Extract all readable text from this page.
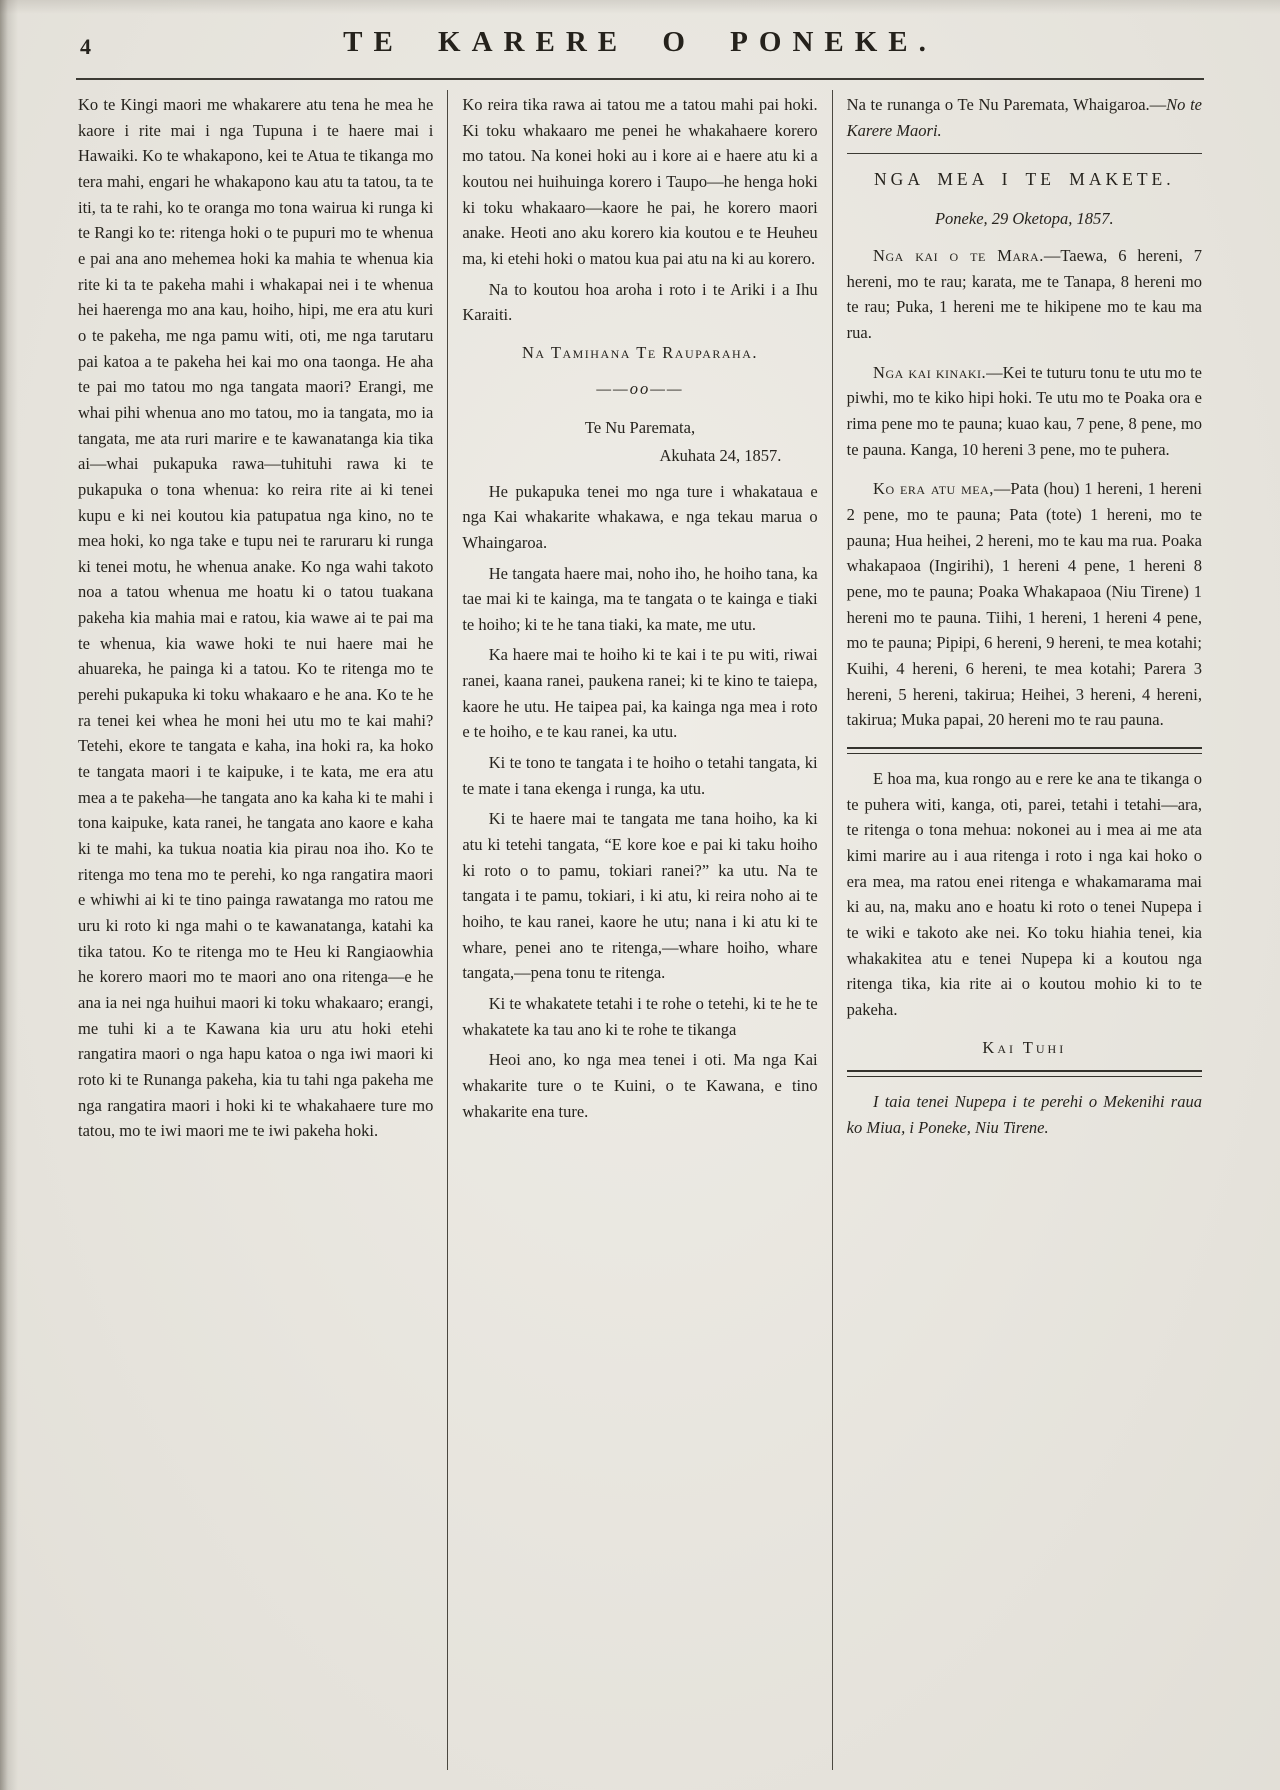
4	TE KARERE O PONEKE.

Ko te Kingi maori me whakarere atu tena he mea he kaore i rite mai i nga Tupuna i te haere mai i Hawaiki. Ko te whakapono, kei te Atua te tikanga mo tera mahi, engari he whakapono kau atu ta tatou, ta te iti, ta te rahi, ko te oranga mo tona wairua ki runga ki te Rangi ko te: ritenga hoki o te pupuri mo te whenua e pai ana ano mehemea hoki ka mahia te whenua kia rite ki ta te pakeha mahi i whakapai nei i te whenua hei haerenga mo ana kau, hoiho, hipi, me era atu kuri o te pakeha, me nga pamu witi, oti, me nga tarutaru pai katoa a te pakeha hei kai mo ona taonga. He aha te pai mo tatou mo nga tangata maori? Erangi, me whai pihi whenua ano mo tatou, mo ia tangata, mo ia tangata, me ata ruri marire e te kawanatanga kia tika ai—whai pukapuka rawa—tuhituhi rawa ki te pukapuka o tona whenua: ko reira rite ai ki tenei kupu e ki nei koutou kia patupatua nga kino, no te mea hoki, ko nga take e tupu nei te raruraru ki runga ki tenei motu, he whenua anake. Ko nga wahi takoto noa a tatou whenua me hoatu ki o tatou tuakana pakeha kia mahia mai e ratou, kia wawe ai te pai ma te whenua, kia wawe hoki te nui haere mai he ahuareka, he painga ki a tatou. Ko te ritenga mo te perehi pukapuka ki toku whakaaro e he ana. Ko te he ra tenei kei whea he moni hei utu mo te kai mahi? Tetehi, ekore te tangata e kaha, ina hoki ra, ka hoko te tangata maori i te kaipuke, i te kata, me era atu mea a te pakeha—he tangata ano ka kaha ki te mahi i tona kaipuke, kata ranei, he tangata ano kaore e kaha ki te mahi, ka tukua noatia kia pirau noa iho. Ko te ritenga mo tena mo te perehi, ko nga rangatira maori e whiwhi ai ki te tino painga rawatanga mo ratou me uru ki roto ki nga mahi o te kawanatanga, katahi ka tika tatou. Ko te ritenga mo te Heu ki Rangiaowhia he korero maori mo te maori ano ona ritenga—e he ana ia nei nga huihui maori ki toku whakaaro; erangi, me tuhi ki a te Kawana kia uru atu hoki etehi rangatira maori o nga hapu katoa o nga iwi maori ki roto ki te Runanga pakeha, kia tu tahi nga pakeha me nga rangatira maori i hoki ki te whakahaere ture mo tatou, mo te iwi maori me te iwi pakeha hoki.

Ko reira tika rawa ai tatou me a tatou mahi pai hoki. Ki toku whakaaro me penei he whakahaere korero mo tatou. Na konei hoki au i kore ai e haere atu ki a koutou nei huihuinga korero i Taupo—he henga hoki ki toku whakaaro—kaore he pai, he korero maori anake. Heoti ano aku korero kia koutou e te Heuheu ma, ki etehi hoki o matou kua pai atu na ki au korero.

Na to koutou hoa aroha i roto i te Ariki i a Ihu Karaiti.

Na Tamihana Te Rauparaha.

——oo——

Te Nu Paremata,

Akuhata 24, 1857.

He pukapuka tenei mo nga ture i whakataua e nga Kai whakarite whakawa, e nga tekau marua o Whaingaroa.

He tangata haere mai, noho iho, he hoiho tana, ka tae mai ki te kainga, ma te tangata o te kainga e tiaki te hoiho; ki te he tana tiaki, ka mate, me utu.

Ka haere mai te hoiho ki te kai i te pu witi, riwai ranei, kaana ranei, paukena ranei; ki te kino te taiepa, kaore he utu. He taipea pai, ka kainga nga mea i roto e te hoiho, e te kau ranei, ka utu.

Ki te tono te tangata i te hoiho o tetahi tangata, ki te mate i tana ekenga i runga, ka utu.

Ki te haere mai te tangata me tana hoiho, ka ki atu ki tetehi tangata, “E kore koe e pai ki taku hoiho ki roto o to pamu, tokiari ranei?” ka utu. Na te tangata i te pamu, tokiari, i ki atu, ki reira noho ai te hoiho, te kau ranei, kaore he utu; nana i ki atu ki te whare, penei ano te ritenga,—whare hoiho, whare tangata,—pena tonu te ritenga.

Ki te whakatete tetahi i te rohe o tetehi, ki te he te whakatete ka tau ano ki te rohe te tikanga

Heoi ano, ko nga mea tenei i oti. Ma nga Kai whakarite ture o te Kuini, o te Kawana, e tino whakarite ena ture.

Na te runanga o Te Nu Paremata, Whaigaroa.—No te Karere Maori.

NGA MEA I TE MAKETE.

Poneke, 29 Oketopa, 1857.

Nga kai o te Mara.—Taewa, 6 hereni, 7 hereni, mo te rau; karata, me te Tanapa, 8 hereni mo te rau; Puka, 1 hereni me te hikipene mo te kau ma rua.

Nga kai kinaki.—Kei te tuturu tonu te utu mo te piwhi, mo te kiko hipi hoki. Te utu mo te Poaka ora e rima pene mo te pauna; kuao kau, 7 pene, 8 pene, mo te pauna. Kanga, 10 hereni 3 pene, mo te puhera.

Ko era atu mea,—Pata (hou) 1 hereni, 1 hereni 2 pene, mo te pauna; Pata (tote) 1 hereni, mo te pauna; Hua heihei, 2 hereni, mo te kau ma rua. Poaka whakapaoa (Ingirihi), 1 hereni 4 pene, 1 hereni 8 pene, mo te pauna; Poaka Whakapaoa (Niu Tirene) 1 hereni mo te pauna. Tiihi, 1 hereni, 1 hereni 4 pene, mo te pauna; Pipipi, 6 hereni, 9 hereni, te mea kotahi; Kuihi, 4 hereni, 6 hereni, te mea kotahi; Parera 3 hereni, 5 hereni, takirua; Heihei, 3 hereni, 4 hereni, takirua; Muka papai, 20 hereni mo te rau pauna.

E hoa ma, kua rongo au e rere ke ana te tikanga o te puhera witi, kanga, oti, parei, tetahi i tetahi—ara, te ritenga o tona mehua: nokonei au i mea ai me ata kimi marire au i aua ritenga i roto i nga kai hoko o era mea, ma ratou enei ritenga e whakamarama mai ki au, na, maku ano e hoatu ki roto o tenei Nupepa i te wiki e takoto ake nei. Ko toku hiahia tenei, kia whakakitea atu e tenei Nupepa ki a koutou nga ritenga tika, kia rite ai o koutou mohio ki to te pakeha.

Kai Tuhi

I taia tenei Nupepa i te perehi o Mekenihi raua ko Miua, i Poneke, Niu Tirene.
